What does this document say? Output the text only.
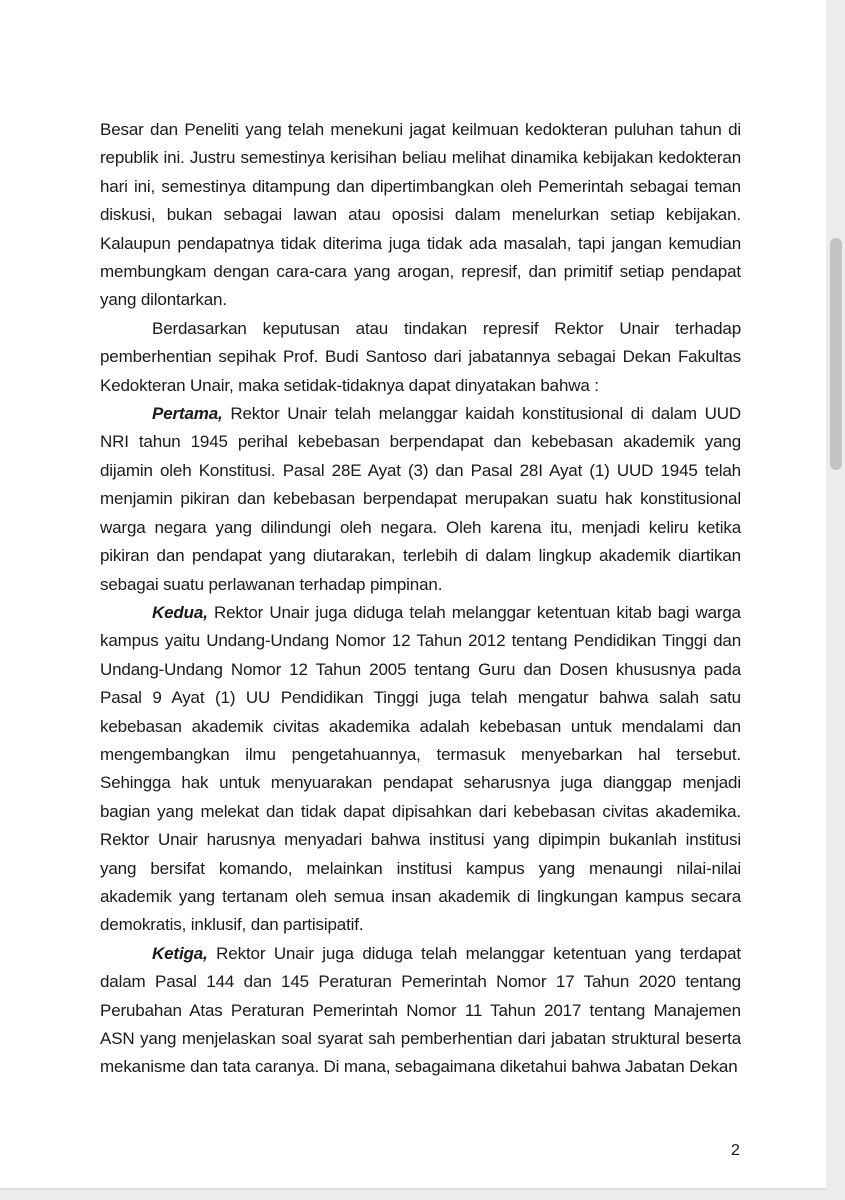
Besar dan Peneliti yang telah menekuni jagat keilmuan kedokteran puluhan tahun di republik ini. Justru semestinya kerisihan beliau melihat dinamika kebijakan kedokteran hari ini, semestinya ditampung dan dipertimbangkan oleh Pemerintah sebagai teman diskusi, bukan sebagai lawan atau oposisi dalam menelurkan setiap kebijakan. Kalaupun pendapatnya tidak diterima juga tidak ada masalah, tapi jangan kemudian membungkam dengan cara-cara yang arogan, represif, dan primitif setiap pendapat yang dilontarkan.

Berdasarkan keputusan atau tindakan represif Rektor Unair terhadap pemberhentian sepihak Prof. Budi Santoso dari jabatannya sebagai Dekan Fakultas Kedokteran Unair, maka setidak-tidaknya dapat dinyatakan bahwa :

Pertama, Rektor Unair telah melanggar kaidah konstitusional di dalam UUD NRI tahun 1945 perihal kebebasan berpendapat dan kebebasan akademik yang dijamin oleh Konstitusi. Pasal 28E Ayat (3) dan Pasal 28I Ayat (1) UUD 1945 telah menjamin pikiran dan kebebasan berpendapat merupakan suatu hak konstitusional warga negara yang dilindungi oleh negara. Oleh karena itu, menjadi keliru ketika pikiran dan pendapat yang diutarakan, terlebih di dalam lingkup akademik diartikan sebagai suatu perlawanan terhadap pimpinan.

Kedua, Rektor Unair juga diduga telah melanggar ketentuan kitab bagi warga kampus yaitu Undang-Undang Nomor 12 Tahun 2012 tentang Pendidikan Tinggi dan Undang-Undang Nomor 12 Tahun 2005 tentang Guru dan Dosen khususnya pada Pasal 9 Ayat (1) UU Pendidikan Tinggi juga telah mengatur bahwa salah satu kebebasan akademik civitas akademika adalah kebebasan untuk mendalami dan mengembangkan ilmu pengetahuannya, termasuk menyebarkan hal tersebut. Sehingga hak untuk menyuarakan pendapat seharusnya juga dianggap menjadi bagian yang melekat dan tidak dapat dipisahkan dari kebebasan civitas akademika. Rektor Unair harusnya menyadari bahwa institusi yang dipimpin bukanlah institusi yang bersifat komando, melainkan institusi kampus yang menaungi nilai-nilai akademik yang tertanam oleh semua insan akademik di lingkungan kampus secara demokratis, inklusif, dan partisipatif.

Ketiga, Rektor Unair juga diduga telah melanggar ketentuan yang terdapat dalam Pasal 144 dan 145 Peraturan Pemerintah Nomor 17 Tahun 2020 tentang Perubahan Atas Peraturan Pemerintah Nomor 11 Tahun 2017 tentang Manajemen ASN yang menjelaskan soal syarat sah pemberhentian dari jabatan struktural beserta mekanisme dan tata caranya. Di mana, sebagaimana diketahui bahwa Jabatan Dekan

2
